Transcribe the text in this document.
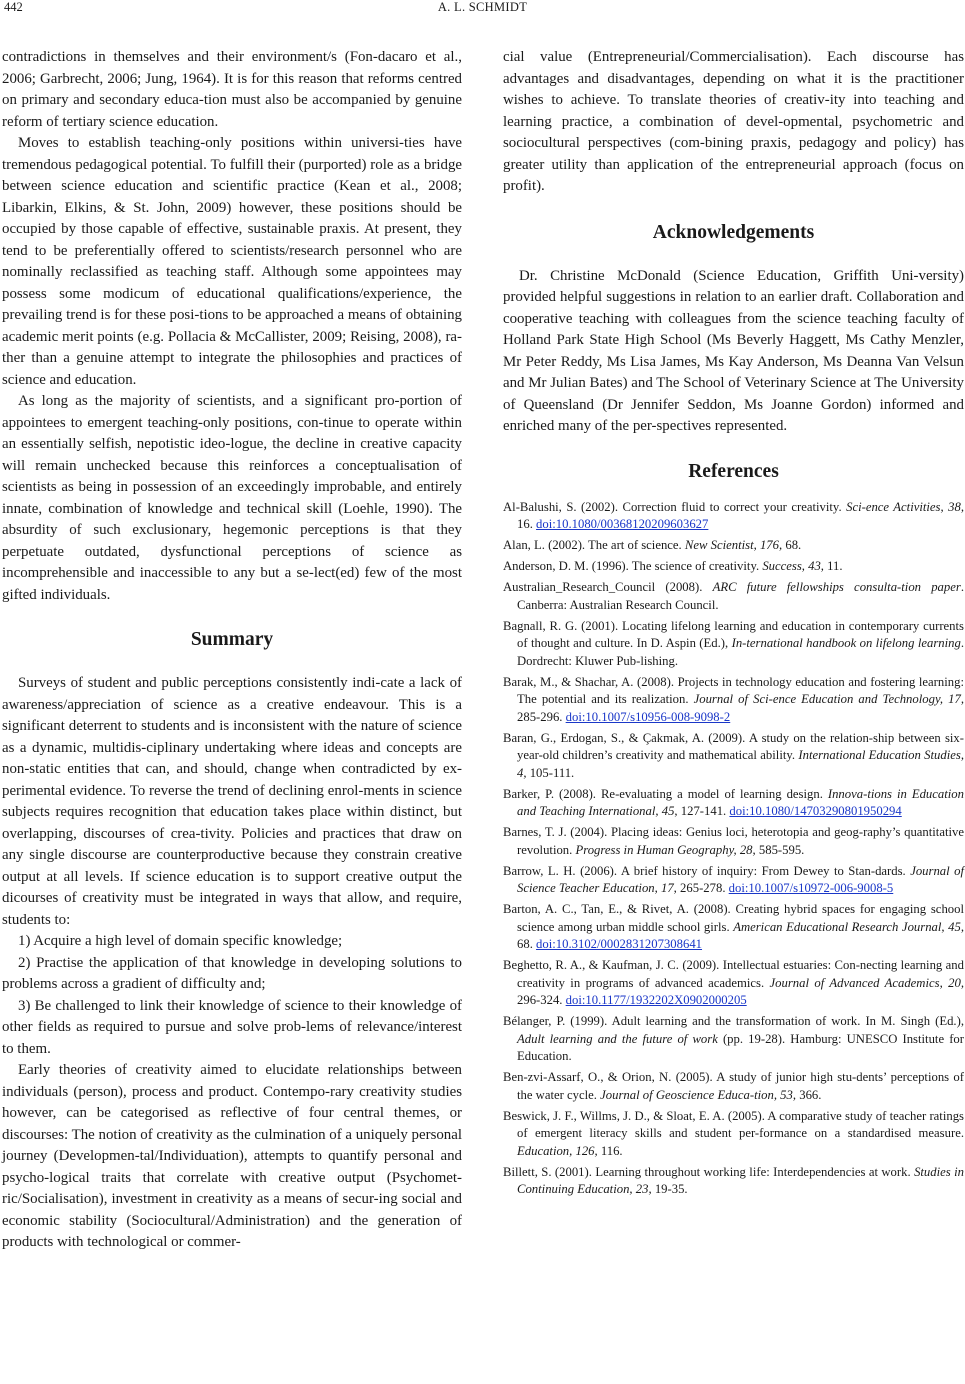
442	A. L. SCHMIDT

contradictions in themselves and their environment/s (Fon-dacaro et al., 2006; Garbrecht, 2006; Jung, 1964). It is for this reason that reforms centred on primary and secondary educa-tion must also be accompanied by genuine reform of tertiary science education.

Moves to establish teaching-only positions within universi-ties have tremendous pedagogical potential. To fulfill their (purported) role as a bridge between science education and scientific practice (Kean et al., 2008; Libarkin, Elkins, & St. John, 2009) however, these positions should be occupied by those capable of effective, sustainable praxis. At present, they tend to be preferentially offered to scientists/research personnel who are nominally reclassified as teaching staff. Although some appointees may possess some modicum of educational qualifications/experience, the prevailing trend is for these posi-tions to be approached a means of obtaining academic merit points (e.g. Pollacia & McCallister, 2009; Reising, 2008), ra-ther than a genuine attempt to integrate the philosophies and practices of science and education.

As long as the majority of scientists, and a significant pro-portion of appointees to emergent teaching-only positions, con-tinue to operate within an essentially selfish, nepotistic ideo-logue, the decline in creative capacity will remain unchecked because this reinforces a conceptualisation of scientists as being in possession of an exceedingly improbable, and entirely innate, combination of knowledge and technical skill (Loehle, 1990). The absurdity of such exclusionary, hegemonic perceptions is that they perpetuate outdated, dysfunctional perceptions of science as incomprehensible and inaccessible to any but a se-lect(ed) few of the most gifted individuals.

Summary

Surveys of student and public perceptions consistently indi-cate a lack of awareness/appreciation of science as a creative endeavour. This is a significant deterrent to students and is inconsistent with the nature of science as a dynamic, multidis-ciplinary undertaking where ideas and concepts are non-static entities that can, and should, change when contradicted by ex-perimental evidence. To reverse the trend of declining enrol-ments in science subjects requires recognition that education takes place within distinct, but overlapping, discourses of crea-tivity. Policies and practices that draw on any single discourse are counterproductive because they constrain creative output at all levels. If science education is to support creative output the dicourses of creativity must be integrated in ways that allow, and require, students to:

1) Acquire a high level of domain specific knowledge;

2) Practise the application of that knowledge in developing solutions to problems across a gradient of difficulty and;

3) Be challenged to link their knowledge of science to their knowledge of other fields as required to pursue and solve prob-lems of relevance/interest to them.

Early theories of creativity aimed to elucidate relationships between individuals (person), process and product. Contempo-rary creativity studies however, can be categorised as reflective of four central themes, or discourses: The notion of creativity as the culmination of a uniquely personal journey (Developmen-tal/Individuation), attempts to quantify personal and psycho-logical traits that correlate with creative output (Psychomet-ric/Socialisation), investment in creativity as a means of secur-ing social and economic stability (Sociocultural/Administration) and the generation of products with technological or commer-

cial value (Entrepreneurial/Commercialisation). Each discourse has advantages and disadvantages, depending on what it is the practitioner wishes to achieve. To translate theories of creativ-ity into teaching and learning practice, a combination of devel-opmental, psychometric and sociocultural perspectives (com-bining praxis, pedagogy and policy) has greater utility than application of the entrepreneurial approach (focus on profit).

Acknowledgements

Dr. Christine McDonald (Science Education, Griffith Uni-versity) provided helpful suggestions in relation to an earlier draft. Collaboration and cooperative teaching with colleagues from the science teaching faculty of Holland Park State High School (Ms Beverly Haggett, Ms Cathy Menzler, Mr Peter Reddy, Ms Lisa James, Ms Kay Anderson, Ms Deanna Van Velsun and Mr Julian Bates) and The School of Veterinary Science at The University of Queensland (Dr Jennifer Seddon, Ms Joanne Gordon) informed and enriched many of the per-spectives represented.

References
Al-Balushi, S. (2002). Correction fluid to correct your creativity. Sci-ence Activities, 38, 16. doi:10.1080/00368120209603627
Alan, L. (2002). The art of science. New Scientist, 176, 68.
Anderson, D. M. (1996). The science of creativity. Success, 43, 11.
Australian_Research_Council (2008). ARC future fellowships consulta-tion paper. Canberra: Australian Research Council.
Bagnall, R. G. (2001). Locating lifelong learning and education in contemporary currents of thought and culture. In D. Aspin (Ed.), In-ternational handbook on lifelong learning. Dordrecht: Kluwer Pub-lishing.
Barak, M., & Shachar, A. (2008). Projects in technology education and fostering learning: The potential and its realization. Journal of Sci-ence Education and Technology, 17, 285-296. doi:10.1007/s10956-008-9098-2
Baran, G., Erdogan, S., & Çakmak, A. (2009). A study on the relation-ship between six-year-old children’s creativity and mathematical ability. International Education Studies, 4, 105-111.
Barker, P. (2008). Re-evaluating a model of learning design. Innova-tions in Education and Teaching International, 45, 127-141. doi:10.1080/14703290801950294
Barnes, T. J. (2004). Placing ideas: Genius loci, heterotopia and geog-raphy’s quantitative revolution. Progress in Human Geography, 28, 585-595.
Barrow, L. H. (2006). A brief history of inquiry: From Dewey to Stan-dards. Journal of Science Teacher Education, 17, 265-278. doi:10.1007/s10972-006-9008-5
Barton, A. C., Tan, E., & Rivet, A. (2008). Creating hybrid spaces for engaging school science among urban middle school girls. American Educational Research Journal, 45, 68. doi:10.3102/0002831207308641
Beghetto, R. A., & Kaufman, J. C. (2009). Intellectual estuaries: Con-necting learning and creativity in programs of advanced academics. Journal of Advanced Academics, 20, 296-324. doi:10.1177/1932202X0902000205
Bélanger, P. (1999). Adult learning and the transformation of work. In M. Singh (Ed.), Adult learning and the future of work (pp. 19-28). Hamburg: UNESCO Institute for Education.
Ben-zvi-Assarf, O., & Orion, N. (2005). A study of junior high stu-dents’ perceptions of the water cycle. Journal of Geoscience Educa-tion, 53, 366.
Beswick, J. F., Willms, J. D., & Sloat, E. A. (2005). A comparative study of teacher ratings of emergent literacy skills and student per-formance on a standardised measure. Education, 126, 116.
Billett, S. (2001). Learning throughout working life: Interdependencies at work. Studies in Continuing Education, 23, 19-35.
